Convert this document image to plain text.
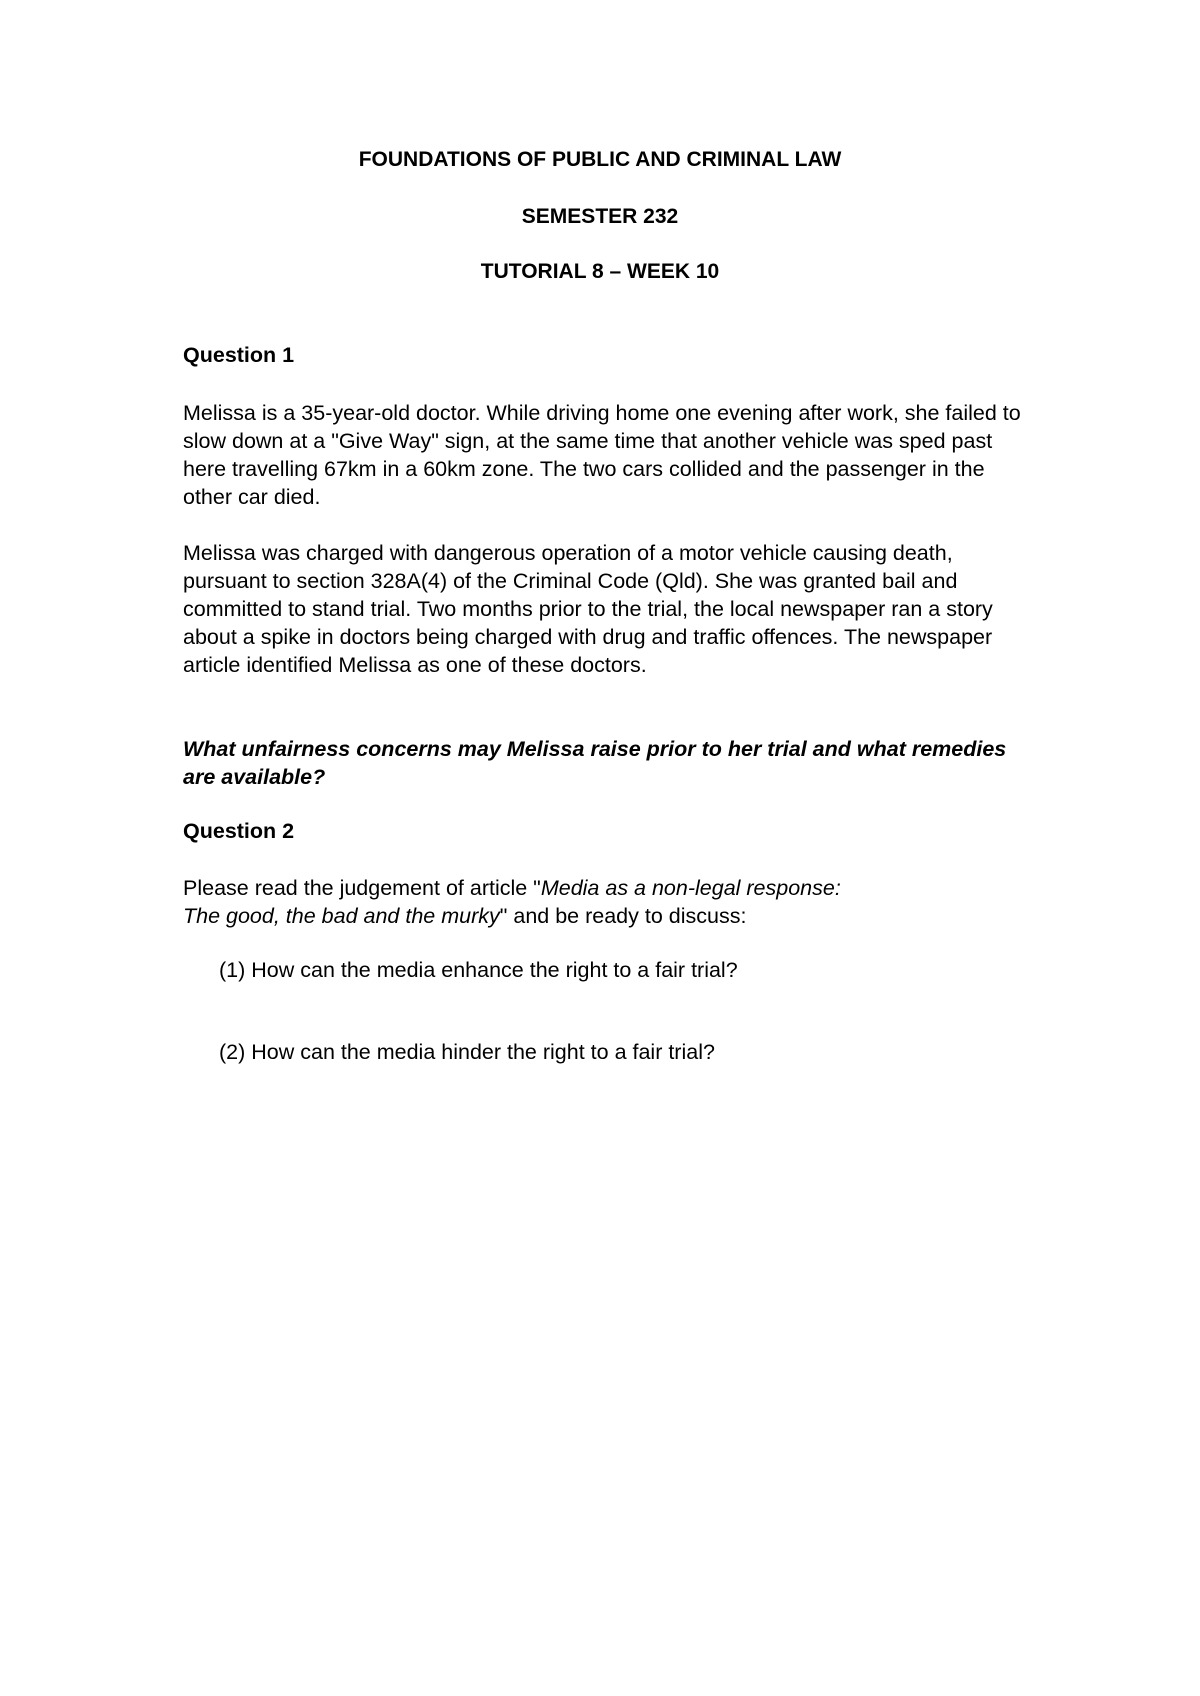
FOUNDATIONS OF PUBLIC AND CRIMINAL LAW
SEMESTER 232
TUTORIAL 8 – WEEK 10
Question 1

Melissa is a 35-year-old doctor. While driving home one evening after work, she failed to slow down at a "Give Way" sign, at the same time that another vehicle was sped past here travelling 67km in a 60km zone. The two cars collided and the passenger in the other car died.

Melissa was charged with dangerous operation of a motor vehicle causing death, pursuant to section 328A(4) of the Criminal Code (Qld). She was granted bail and committed to stand trial. Two months prior to the trial, the local newspaper ran a story about a spike in doctors being charged with drug and traffic offences. The newspaper article identified Melissa as one of these doctors.

What unfairness concerns may Melissa raise prior to her trial and what remedies are available?

Question 2

Please read the judgement of article "Media as a non-legal response:
The good, the bad and the murky" and be ready to discuss:

(1) How can the media enhance the right to a fair trial?
(2) How can the media hinder the right to a fair trial?
